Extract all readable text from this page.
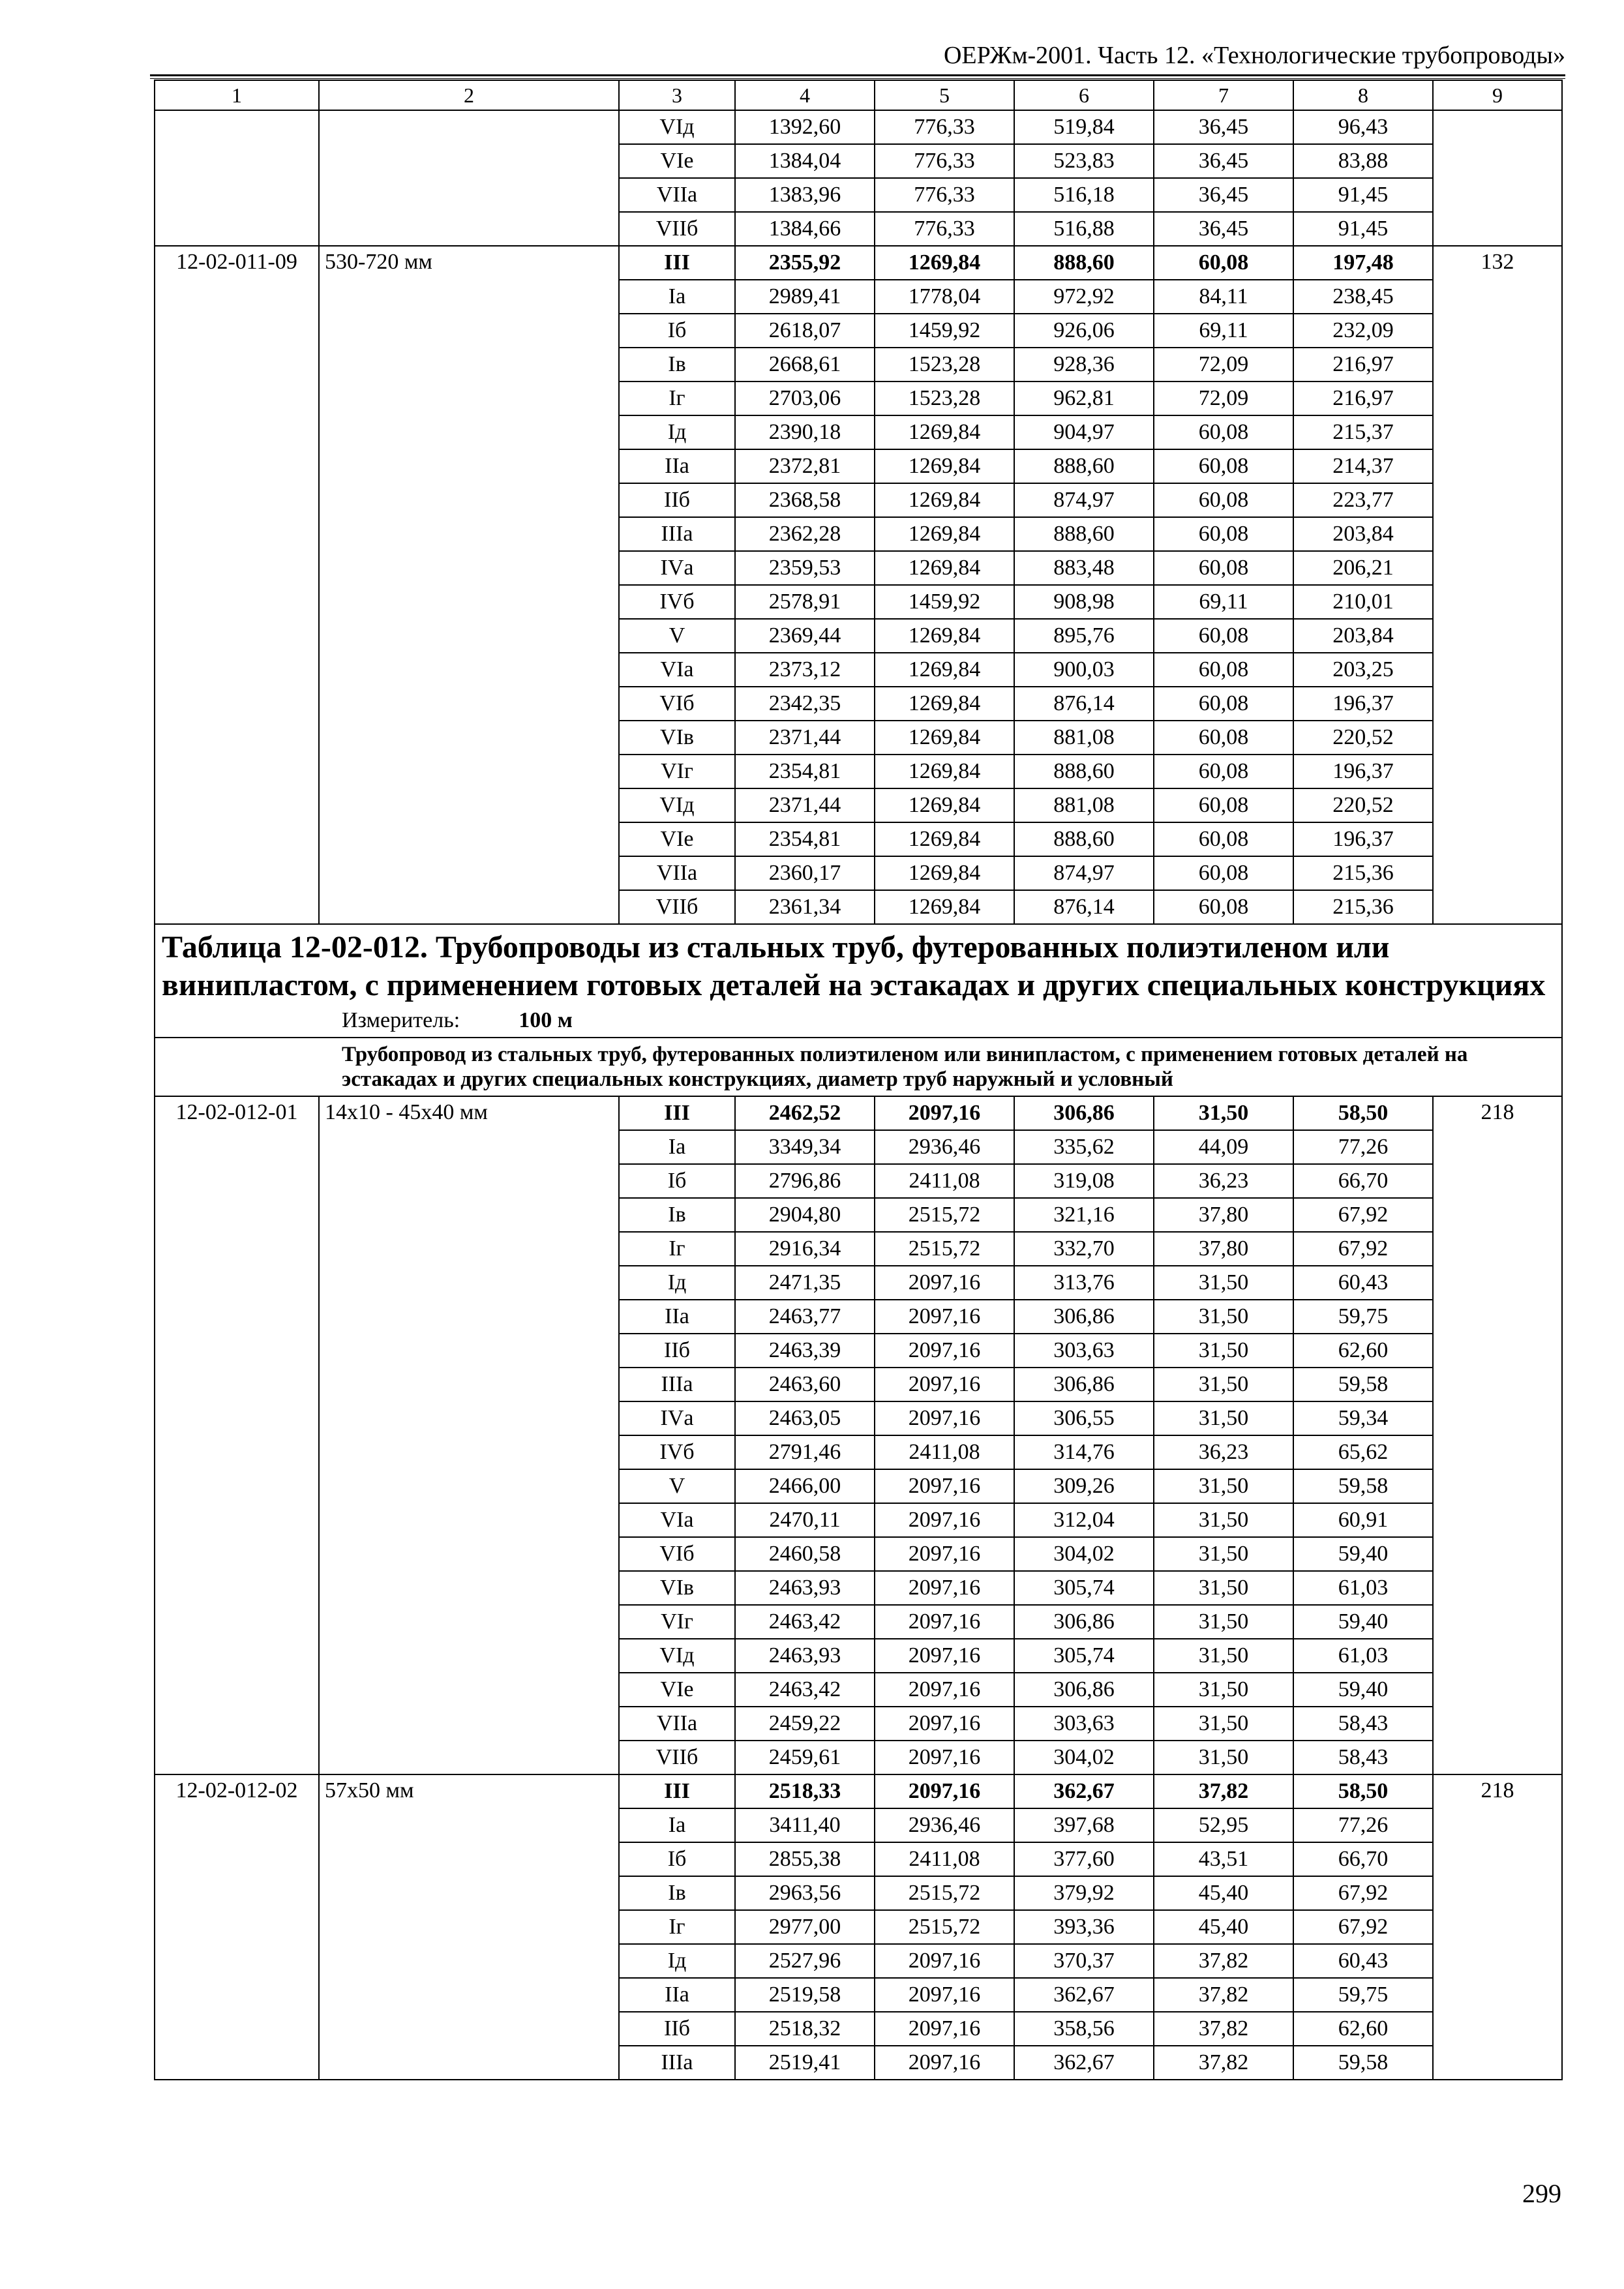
ОЕРЖм-2001. Часть 12. «Технологические трубопроводы»
1	2	3	4	5	6	7	8	9
		VIд	1392,60	776,33	519,84	36,45	96,43	
		VIe	1384,04	776,33	523,83	36,45	83,88	
		VIIа	1383,96	776,33	516,18	36,45	91,45	
		VIIб	1384,66	776,33	516,88	36,45	91,45	
12-02-011-09	530-720 мм	III	2355,92	1269,84	888,60	60,08	197,48	132
		Iа	2989,41	1778,04	972,92	84,11	238,45	
		Iб	2618,07	1459,92	926,06	69,11	232,09	
		Iв	2668,61	1523,28	928,36	72,09	216,97	
		Iг	2703,06	1523,28	962,81	72,09	216,97	
		Iд	2390,18	1269,84	904,97	60,08	215,37	
		IIа	2372,81	1269,84	888,60	60,08	214,37	
		IIб	2368,58	1269,84	874,97	60,08	223,77	
		IIIа	2362,28	1269,84	888,60	60,08	203,84	
		IVа	2359,53	1269,84	883,48	60,08	206,21	
		IVб	2578,91	1459,92	908,98	69,11	210,01	
		V	2369,44	1269,84	895,76	60,08	203,84	
		VIа	2373,12	1269,84	900,03	60,08	203,25	
		VIб	2342,35	1269,84	876,14	60,08	196,37	
		VIв	2371,44	1269,84	881,08	60,08	220,52	
		VIг	2354,81	1269,84	888,60	60,08	196,37	
		VIд	2371,44	1269,84	881,08	60,08	220,52	
		VIe	2354,81	1269,84	888,60	60,08	196,37	
		VIIа	2360,17	1269,84	874,97	60,08	215,36	
		VIIб	2361,34	1269,84	876,14	60,08	215,36	

Таблица 12-02-012. Трубопроводы из стальных труб, футерованных полиэтиленом или винипластом, с применением готовых деталей на эстакадах и других специальных конструкциях
Измеритель: 100 м								

Трубопровод из стальных труб, футерованных полиэтиленом или винипластом, с применением готовых деталей на эстакадах и других специальных конструкциях, диаметр труб наружный и условный								
12-02-012-01	14х10 - 45х40 мм	III	2462,52	2097,16	306,86	31,50	58,50	218
		Iа	3349,34	2936,46	335,62	44,09	77,26	
		Iб	2796,86	2411,08	319,08	36,23	66,70	
		Iв	2904,80	2515,72	321,16	37,80	67,92	
		Iг	2916,34	2515,72	332,70	37,80	67,92	
		Iд	2471,35	2097,16	313,76	31,50	60,43	
		IIа	2463,77	2097,16	306,86	31,50	59,75	
		IIб	2463,39	2097,16	303,63	31,50	62,60	
		IIIа	2463,60	2097,16	306,86	31,50	59,58	
		IVа	2463,05	2097,16	306,55	31,50	59,34	
		IVб	2791,46	2411,08	314,76	36,23	65,62	
		V	2466,00	2097,16	309,26	31,50	59,58	
		VIа	2470,11	2097,16	312,04	31,50	60,91	
		VIб	2460,58	2097,16	304,02	31,50	59,40	
		VIв	2463,93	2097,16	305,74	31,50	61,03	
		VIг	2463,42	2097,16	306,86	31,50	59,40	
		VIд	2463,93	2097,16	305,74	31,50	61,03	
		VIe	2463,42	2097,16	306,86	31,50	59,40	
		VIIа	2459,22	2097,16	303,63	31,50	58,43	
		VIIб	2459,61	2097,16	304,02	31,50	58,43	
12-02-012-02	57х50 мм	III	2518,33	2097,16	362,67	37,82	58,50	218
		Iа	3411,40	2936,46	397,68	52,95	77,26	
		Iб	2855,38	2411,08	377,60	43,51	66,70	
		Iв	2963,56	2515,72	379,92	45,40	67,92	
		Iг	2977,00	2515,72	393,36	45,40	67,92	
		Iд	2527,96	2097,16	370,37	37,82	60,43	
		IIа	2519,58	2097,16	362,67	37,82	59,75	
		IIб	2518,32	2097,16	358,56	37,82	62,60	
		IIIа	2519,41	2097,16	362,67	37,82	59,58	
299
